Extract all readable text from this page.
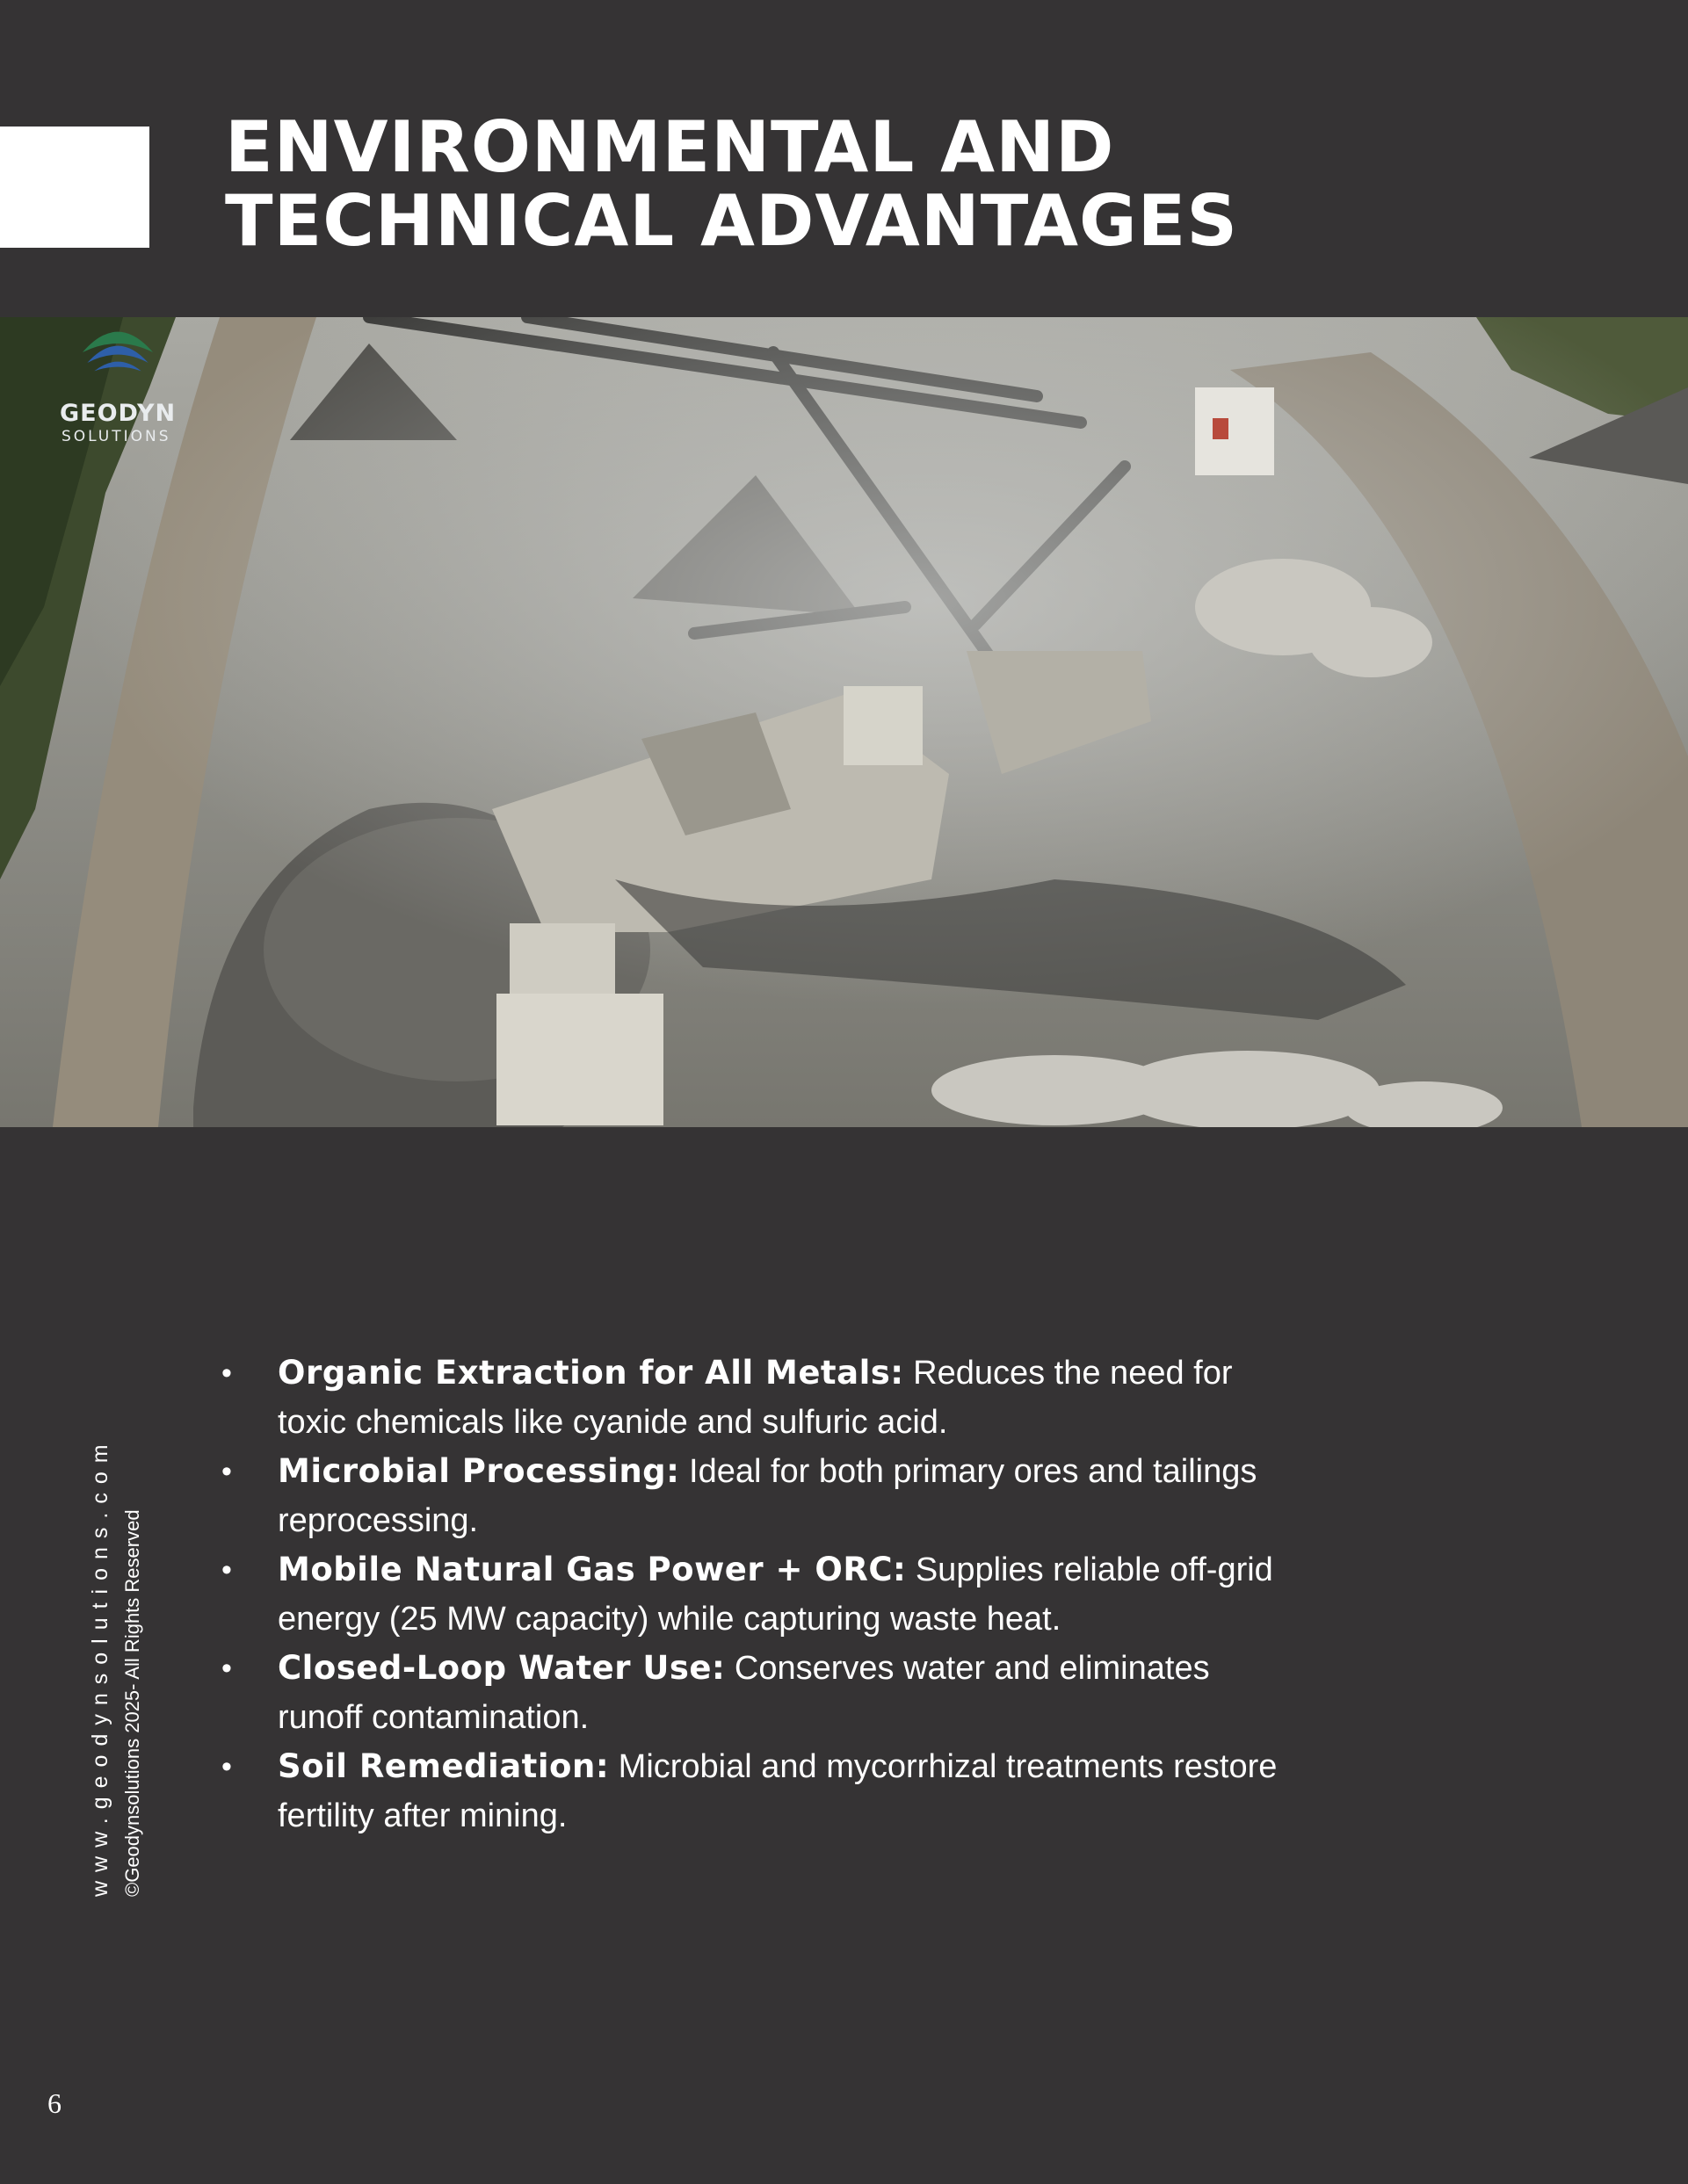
ENVIRONMENTAL AND
TECHNICAL ADVANTAGES
GEODYN
SOLUTIONS
www.geodynsolutions.com ©Geodynsolutions 2025- All Rights Reserved
• Organic Extraction for All Metals: Reduces the need for toxic chemicals like cyanide and sulfuric acid.
• Microbial Processing: Ideal for both primary ores and tailings reprocessing.
• Mobile Natural Gas Power + ORC: Supplies reliable off-grid energy (25 MW capacity) while capturing waste heat.
• Closed-Loop Water Use: Conserves water and eliminates runoff contamination.
• Soil Remediation: Microbial and mycorrhizal treatments restore fertility after mining.
6
